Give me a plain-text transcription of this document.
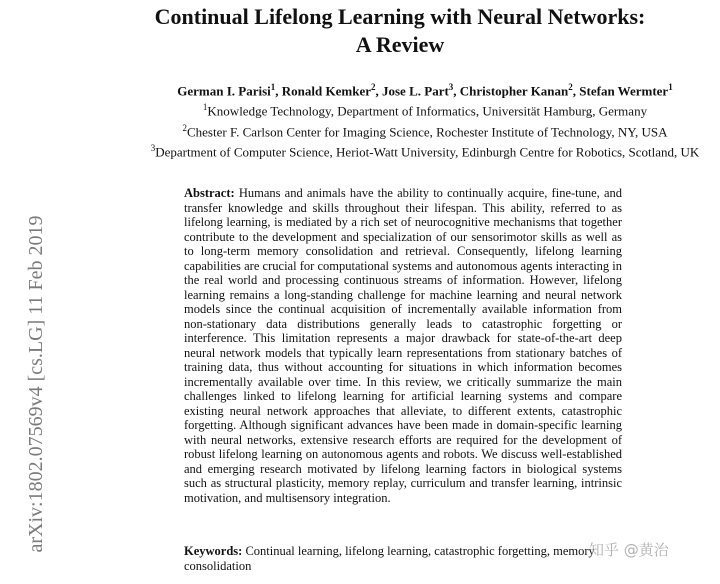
Continual Lifelong Learning with Neural Networks:
A Review
German I. Parisi$^1$, Ronald Kemker$^2$, Jose L. Part$^3$, Christopher Kanan$^2$, Stefan Wermter$^1$
$^1$Knowledge Technology, Department of Informatics, Universität Hamburg, Germany
$^2$Chester F. Carlson Center for Imaging Science, Rochester Institute of Technology, NY, USA
$^3$Department of Computer Science, Heriot-Watt University, Edinburgh Centre for Robotics, Scotland, UK
arXiv:1802.07569v4 [cs.LG] 11 Feb 2019
Abstract: Humans and animals have the ability to continually acquire, fine-tune, and transfer knowledge and skills throughout their lifespan. This ability, referred to as lifelong learning, is mediated by a rich set of neurocognitive mechanisms that together contribute to the development and specialization of our sensorimotor skills as well as to long-term memory consolidation and retrieval. Consequently, lifelong learning capabilities are crucial for computational systems and autonomous agents interacting in the real world and processing continuous streams of information. However, lifelong learning remains a long-standing challenge for machine learning and neural network models since the continual acquisition of incrementally available information from non-stationary data distributions generally leads to catastrophic forgetting or interference. This limitation represents a major drawback for state-of-the-art deep neural network models that typically learn representations from stationary batches of training data, thus without accounting for situations in which information becomes incrementally available over time. In this review, we critically summarize the main challenges linked to lifelong learning for artificial learning systems and compare existing neural network approaches that alleviate, to different extents, catastrophic forgetting. Although significant advances have been made in domain-specific learning with neural networks, extensive research efforts are required for the development of robust lifelong learning on autonomous agents and robots. We discuss well-established and emerging research motivated by lifelong learning factors in biological systems such as structural plasticity, memory replay, curriculum and transfer learning, intrinsic motivation, and multisensory integration.
Keywords: Continual learning, lifelong learning, catastrophic forgetting, memory consolidation
知乎 @黄治
